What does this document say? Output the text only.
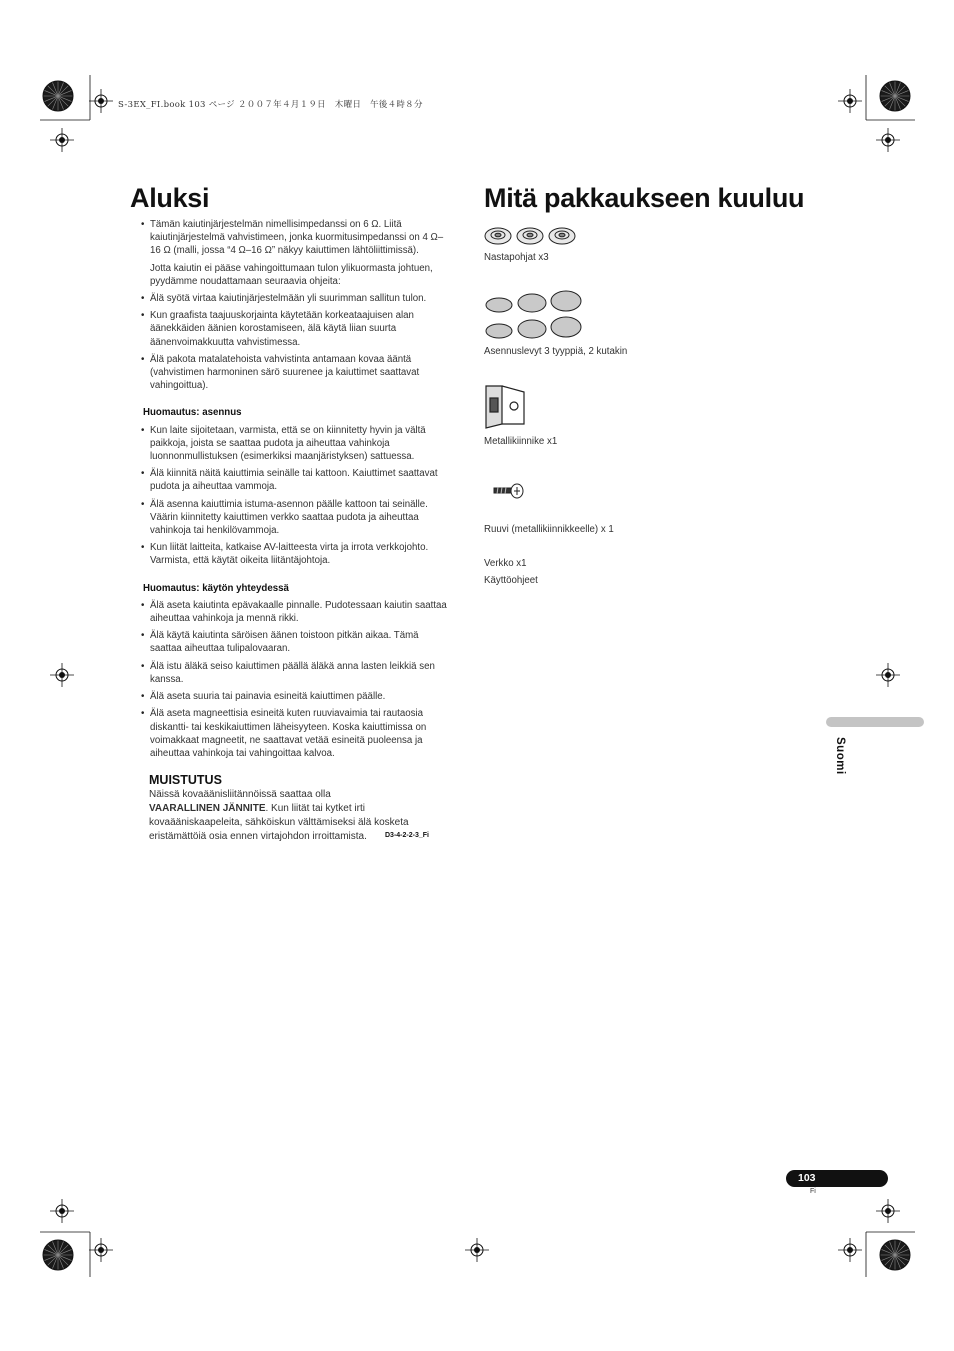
S-3EX_FI.book 103 ページ ２００７年４月１９日　木曜日　午後４時８分
Aluksi
• Tämän kaiutinjärjestelmän nimellisimpedanssi on 6 Ω. Liitä kaiutinjärjestelmä vahvistimeen, jonka kuormitusimpedanssi on 4 Ω–16 Ω (malli, jossa “4 Ω–16 Ω” näkyy kaiuttimen lähtöliittimissä).
Jotta kaiutin ei pääse vahingoittumaan tulon ylikuormasta johtuen, pyydämme noudattamaan seuraavia ohjeita:
• Älä syötä virtaa kaiutinjärjestelmään yli suurimman sallitun tulon.
• Kun graafista taajuuskorjainta käytetään korkeataajuisen alan äänekkäiden äänien korostamiseen, älä käytä liian suurta äänenvoimakkuutta vahvistimessa.
• Älä pakota matalatehoista vahvistinta antamaan kovaa ääntä (vahvistimen harmoninen särö suurenee ja kaiuttimet saattavat vahingoittua).
Huomautus: asennus
• Kun laite sijoitetaan, varmista, että se on kiinnitetty hyvin ja vältä paikkoja, joista se saattaa pudota ja aiheuttaa vahinkoja luonnonmullistuksen (esimerkiksi maanjäristyksen) sattuessa.
• Älä kiinnitä näitä kaiuttimia seinälle tai kattoon. Kaiuttimet saattavat pudota ja aiheuttaa vammoja.
• Älä asenna kaiuttimia istuma-asennon päälle kattoon tai seinälle. Väärin kiinnitetty kaiuttimen verkko saattaa pudota ja aiheuttaa vahinkoja tai henkilövammoja.
• Kun liität laitteita, katkaise AV-laitteesta virta ja irrota verkkojohto. Varmista, että käytät oikeita liitäntäjohtoja.
Huomautus: käytön yhteydessä
• Älä aseta kaiutinta epävakaalle pinnalle. Pudotessaan kaiutin saattaa aiheuttaa vahinkoja ja mennä rikki.
• Älä käytä kaiutinta säröisen äänen toistoon pitkän aikaa. Tämä saattaa aiheuttaa tulipalovaaran.
• Älä istu äläkä seiso kaiuttimen päällä äläkä anna lasten leikkiä sen kanssa.
• Älä aseta suuria tai painavia esineitä kaiuttimen päälle.
• Älä aseta magneettisia esineitä kuten ruuviavaimia tai rautaosia diskantti- tai keskikaiuttimen läheisyyteen. Koska kaiuttimissa on voimakkaat magneetit, ne saattavat vetää esineitä puoleensa ja aiheuttaa vahinkoja tai vahingoittaa kalvoa.
MUISTUTUS
Näissä kovaäänisliitännöissä saattaa olla
VAARALLINEN JÄNNITE. Kun liität tai kytket irti kovaääniskaapeleita, sähköiskun välttämiseksi älä kosketa eristämättöiä osia ennen virtajohdon irroittamista.	D3-4-2-2-3_Fi
Mitä pakkaukseen kuuluu
Nastapohjat x3
Asennuslevyt 3 tyyppiä, 2 kutakin
Metallikiinnike x1
Ruuvi (metallikiinnikkeelle) x 1
Verkko x1
Käyttöohjeet
Suomi
103
Fi
